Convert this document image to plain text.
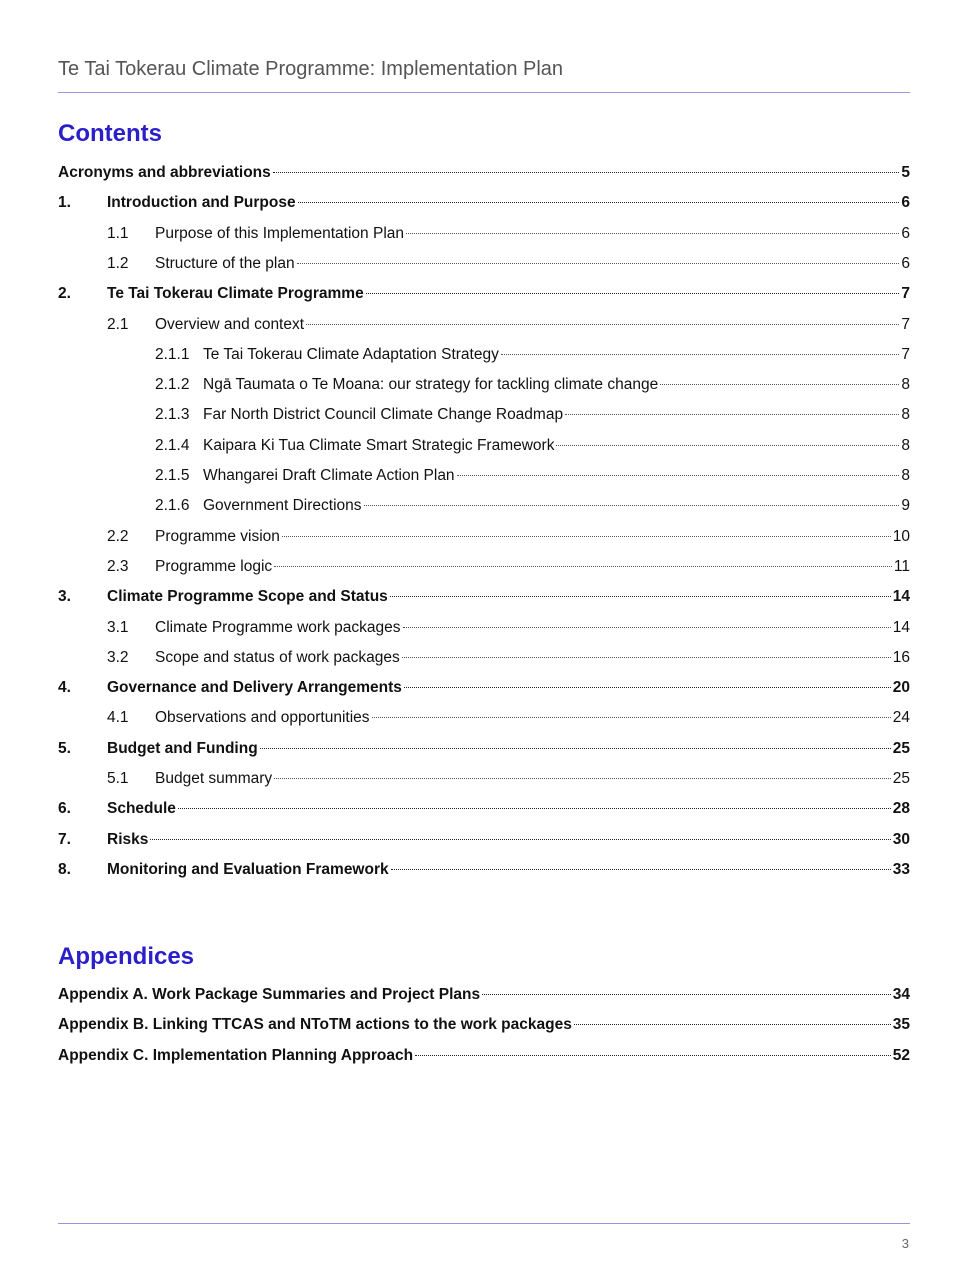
Te Tai Tokerau Climate Programme: Implementation Plan
Contents
Acronyms and abbreviations	5
1.	Introduction and Purpose	6
1.1	Purpose of this Implementation Plan	6
1.2	Structure of the plan	6
2.	Te Tai Tokerau Climate Programme	7
2.1	Overview and context	7
2.1.1 Te Tai Tokerau Climate Adaptation Strategy	7
2.1.2 Ngā Taumata o Te Moana: our strategy for tackling climate change	8
2.1.3 Far North District Council Climate Change Roadmap	8
2.1.4 Kaipara Ki Tua Climate Smart Strategic Framework	8
2.1.5 Whangarei Draft Climate Action Plan	8
2.1.6 Government Directions	9
2.2	Programme vision	10
2.3	Programme logic	11
3.	Climate Programme Scope and Status	14
3.1	Climate Programme work packages	14
3.2	Scope and status of work packages	16
4.	Governance and Delivery Arrangements	20
4.1	Observations and opportunities	24
5.	Budget and Funding	25
5.1	Budget summary	25
6.	Schedule	28
7.	Risks	30
8.	Monitoring and Evaluation Framework	33
Appendices
Appendix A. Work Package Summaries and Project Plans	34
Appendix B. Linking TTCAS and NToTM actions to the work packages	35
Appendix C. Implementation Planning Approach	52
3
